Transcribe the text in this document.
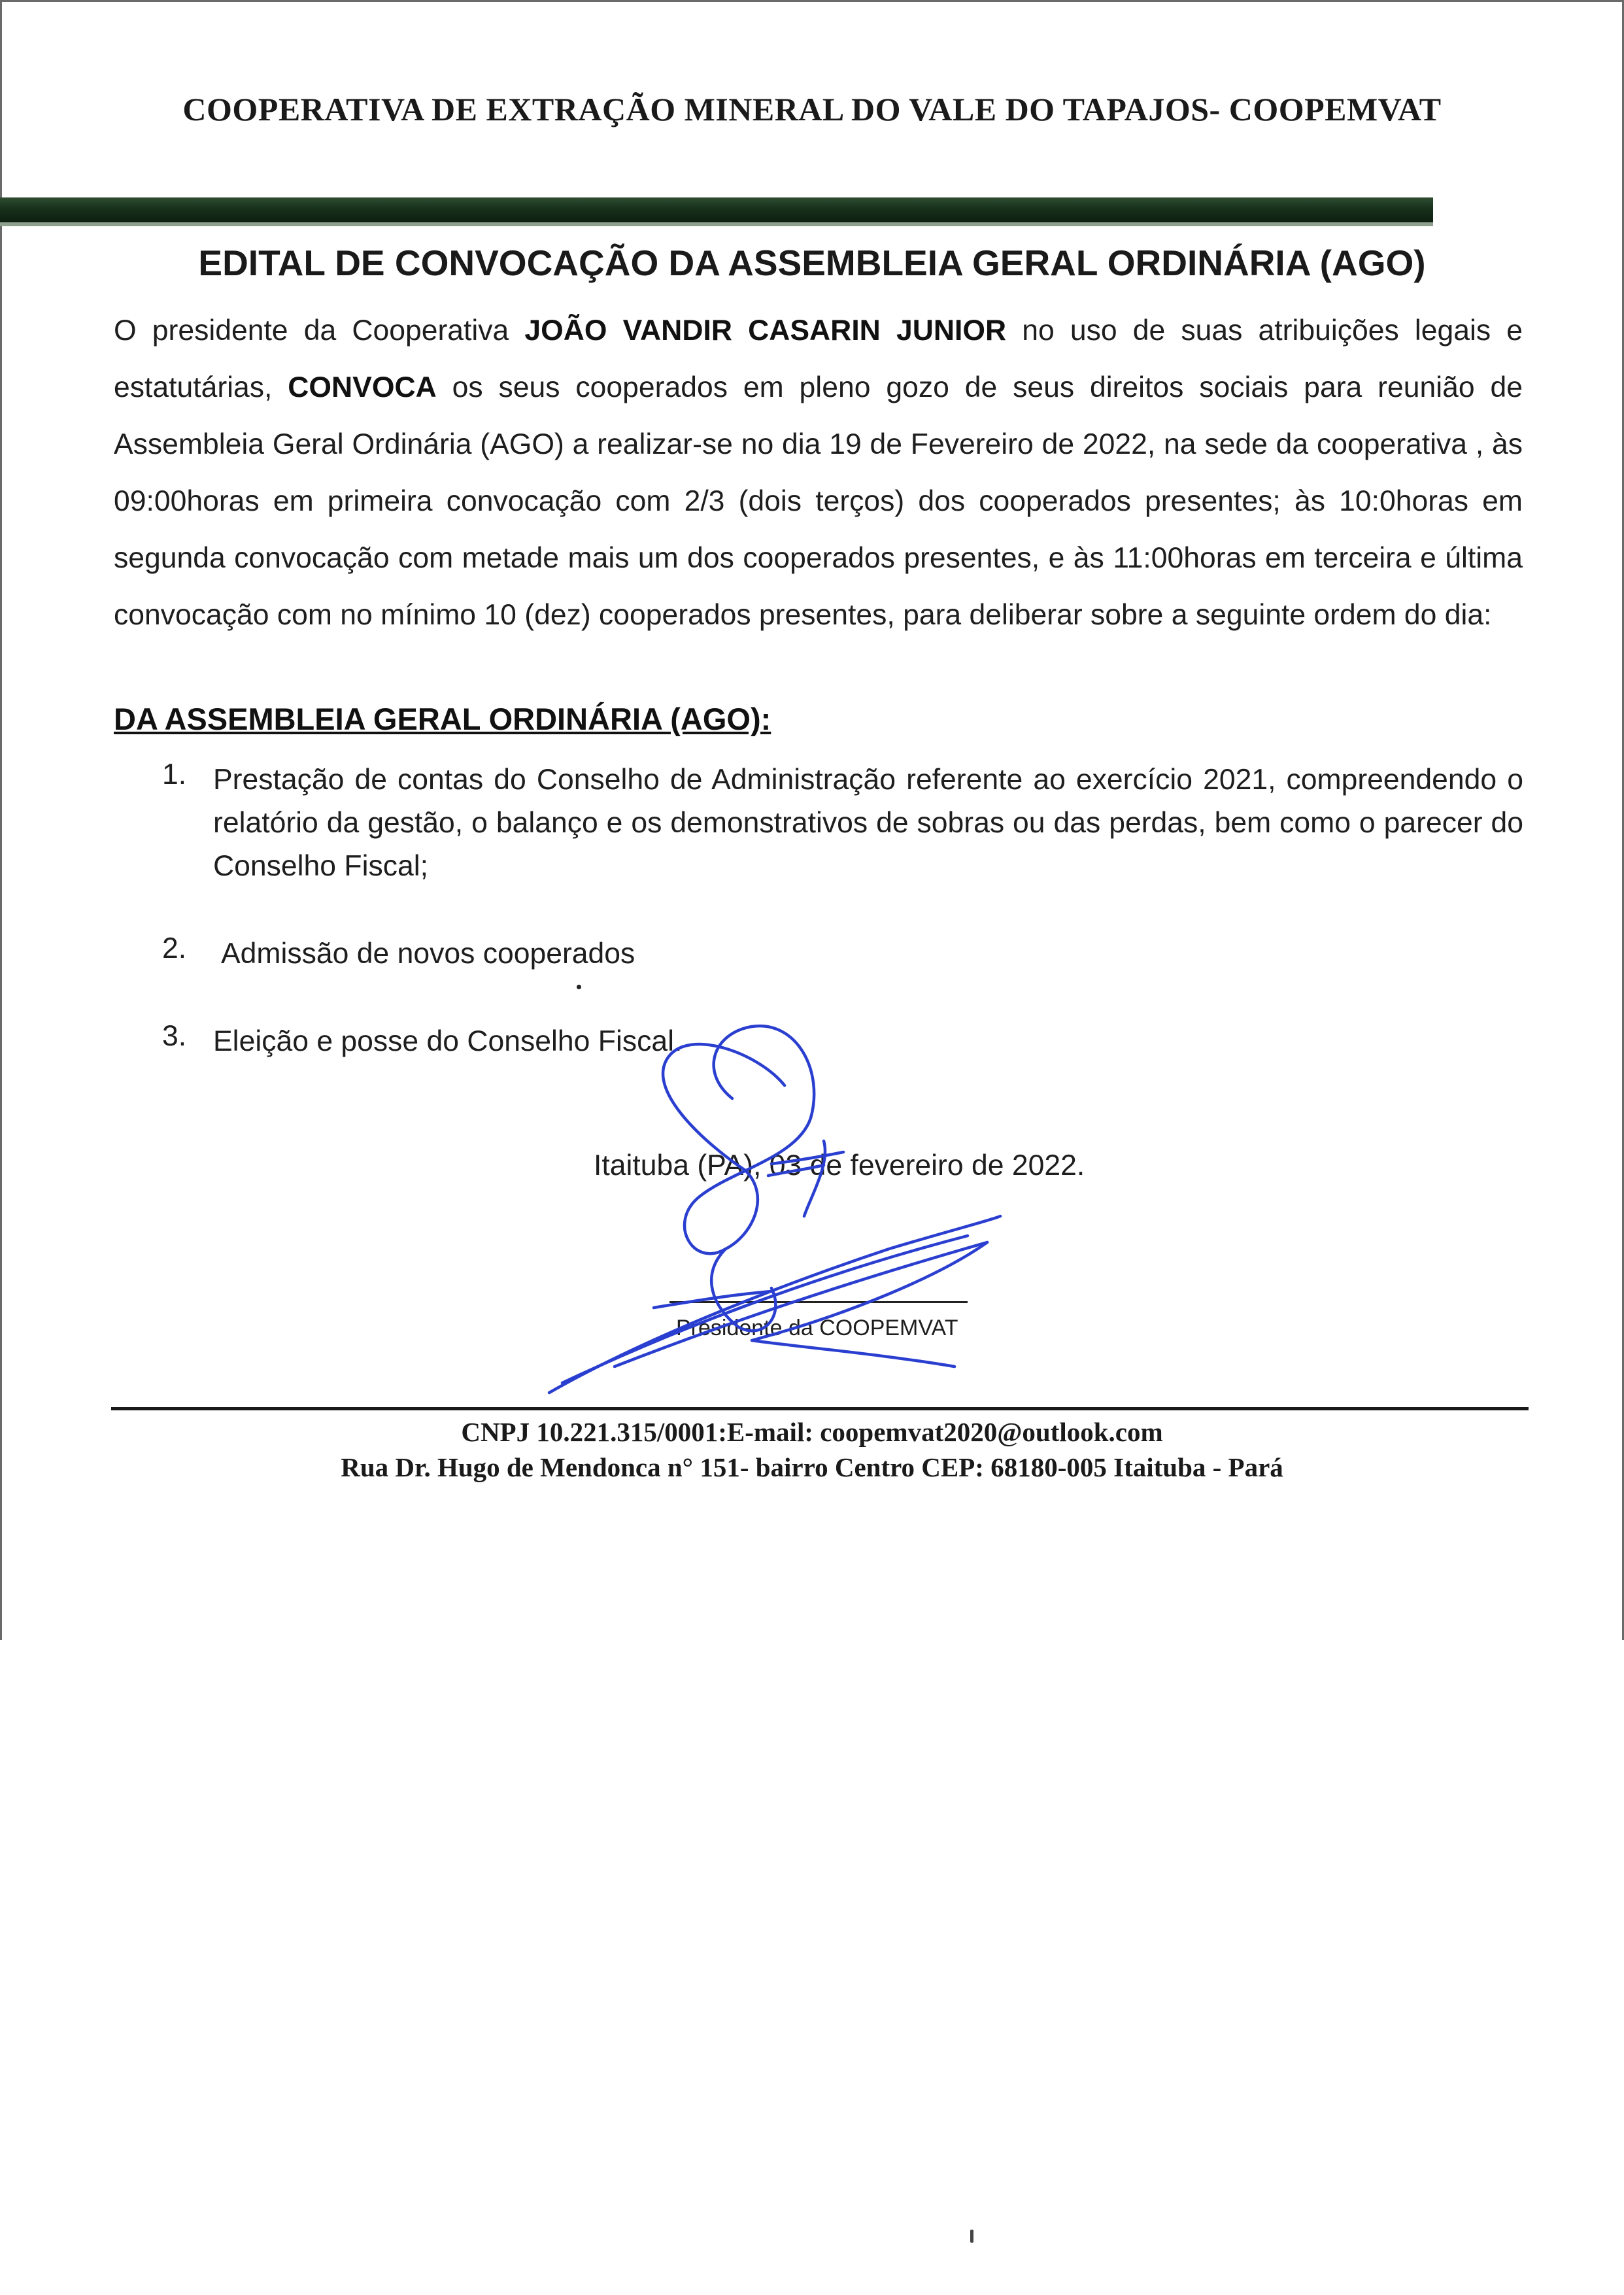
COOPERATIVA DE EXTRAÇÃO MINERAL DO VALE DO TAPAJOS- COOPEMVAT
EDITAL DE CONVOCAÇÃO DA ASSEMBLEIA GERAL ORDINÁRIA (AGO)
O presidente da Cooperativa JOÃO VANDIR CASARIN JUNIOR no uso de suas atribuições legais e estatutárias, CONVOCA os seus cooperados em pleno gozo de seus direitos sociais para reunião de Assembleia Geral Ordinária (AGO) a realizar-se no dia 19 de Fevereiro de 2022, na sede da cooperativa , às 09:00horas em primeira convocação com 2/3 (dois terços) dos cooperados presentes; às 10:0horas em segunda convocação com metade mais um dos cooperados presentes, e às 11:00horas em terceira e última convocação com no mínimo 10 (dez) cooperados presentes, para deliberar sobre a seguinte ordem do dia:
DA ASSEMBLEIA GERAL ORDINÁRIA (AGO):
1. Prestação de contas do Conselho de Administração referente ao exercício 2021, compreendendo o relatório da gestão, o balanço e os demonstrativos de sobras ou das perdas, bem como o parecer do Conselho Fiscal;
2. Admissão de novos cooperados
3. Eleição e posse do Conselho Fiscal.
Itaituba (PA), 03 de fevereiro de 2022.
Presidente da COOPEMVAT
CNPJ 10.221.315/0001:E-mail: coopemvat2020@outlook.com
Rua Dr. Hugo de Mendonca n° 151- bairro Centro CEP: 68180-005 Itaituba - Pará
